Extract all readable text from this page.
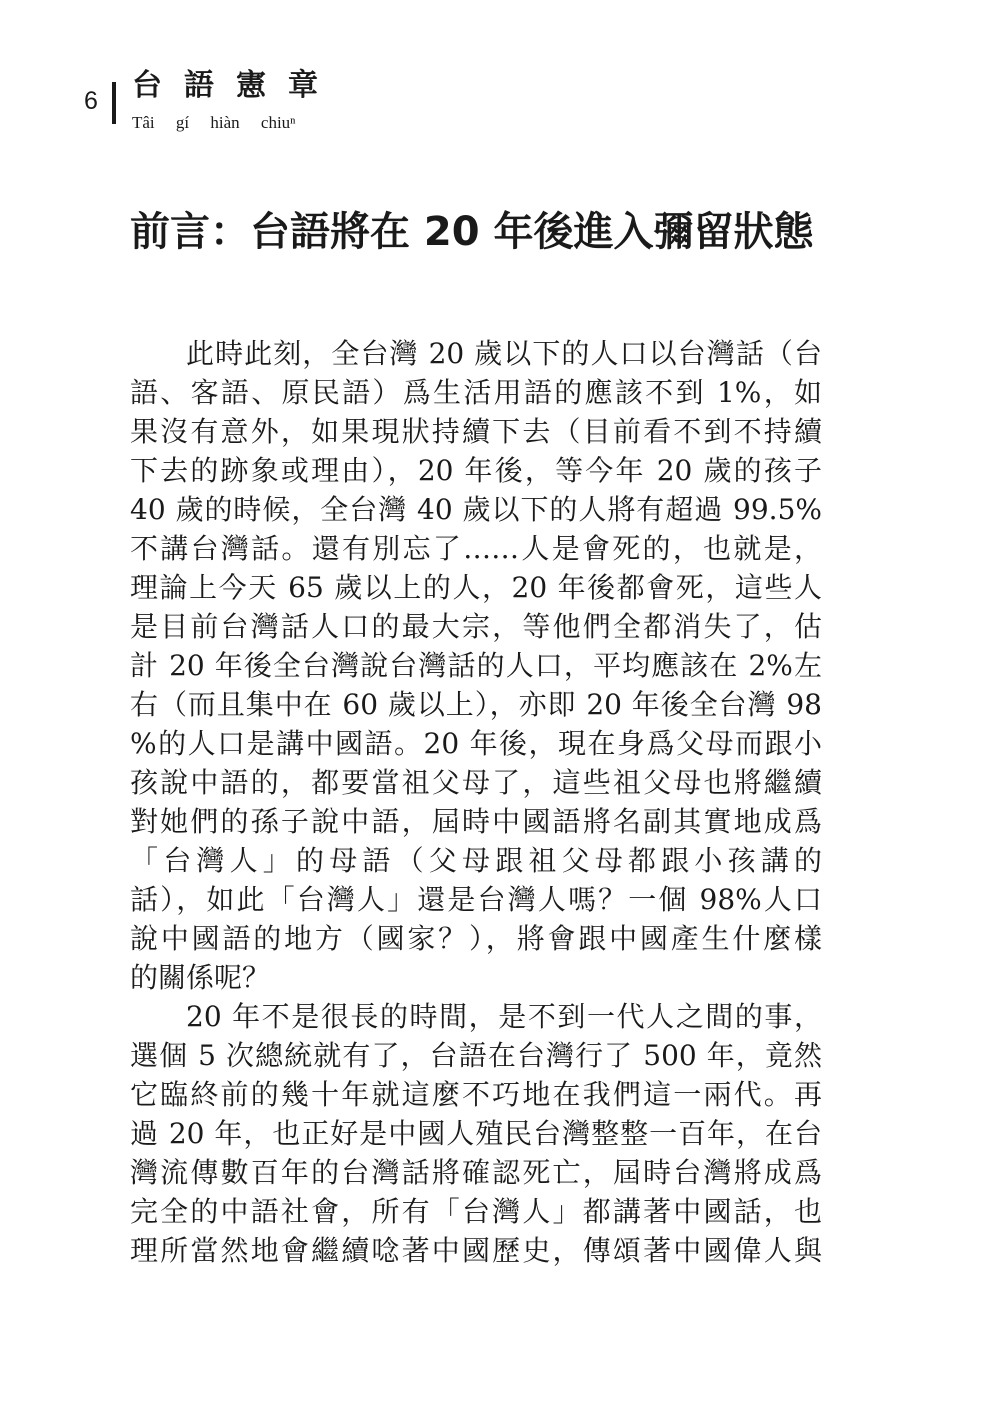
6 台語憲章
Tâi gí hiàn chiuⁿ
前言：台語將在 20 年後進入彌留狀態
此時此刻，全台灣 20 歲以下的人口以台灣話（台
語、客語、原民語）爲生活用語的應該不到 1%，如
果沒有意外，如果現狀持續下去（目前看不到不持續
下去的跡象或理由），20 年後，等今年 20 歲的孩子
40 歲的時候，全台灣 40 歲以下的人將有超過 99.5%
不講台灣話。還有別忘了……人是會死的，也就是，
理論上今天 65 歲以上的人，20 年後都會死，這些人
是目前台灣話人口的最大宗，等他們全都消失了，估
計 20 年後全台灣說台灣話的人口，平均應該在 2%左
右（而且集中在 60 歲以上），亦即 20 年後全台灣 98
%的人口是講中國語。20 年後，現在身爲父母而跟小
孩說中語的，都要當祖父母了，這些祖父母也將繼續
對她們的孫子說中語，屆時中國語將名副其實地成爲
「台灣人」的母語（父母跟祖父母都跟小孩講的
話），如此「台灣人」還是台灣人嗎？一個 98%人口
說中國語的地方（國家？），將會跟中國產生什麼樣
的關係呢？
20 年不是很長的時間，是不到一代人之間的事，
選個 5 次總統就有了，台語在台灣行了 500 年，竟然
它臨終前的幾十年就這麼不巧地在我們這一兩代。再
過 20 年，也正好是中國人殖民台灣整整一百年，在台
灣流傳數百年的台灣話將確認死亡，屆時台灣將成爲
完全的中語社會，所有「台灣人」都講著中國話，也
理所當然地會繼續唸著中國歷史，傳頌著中國偉人與
